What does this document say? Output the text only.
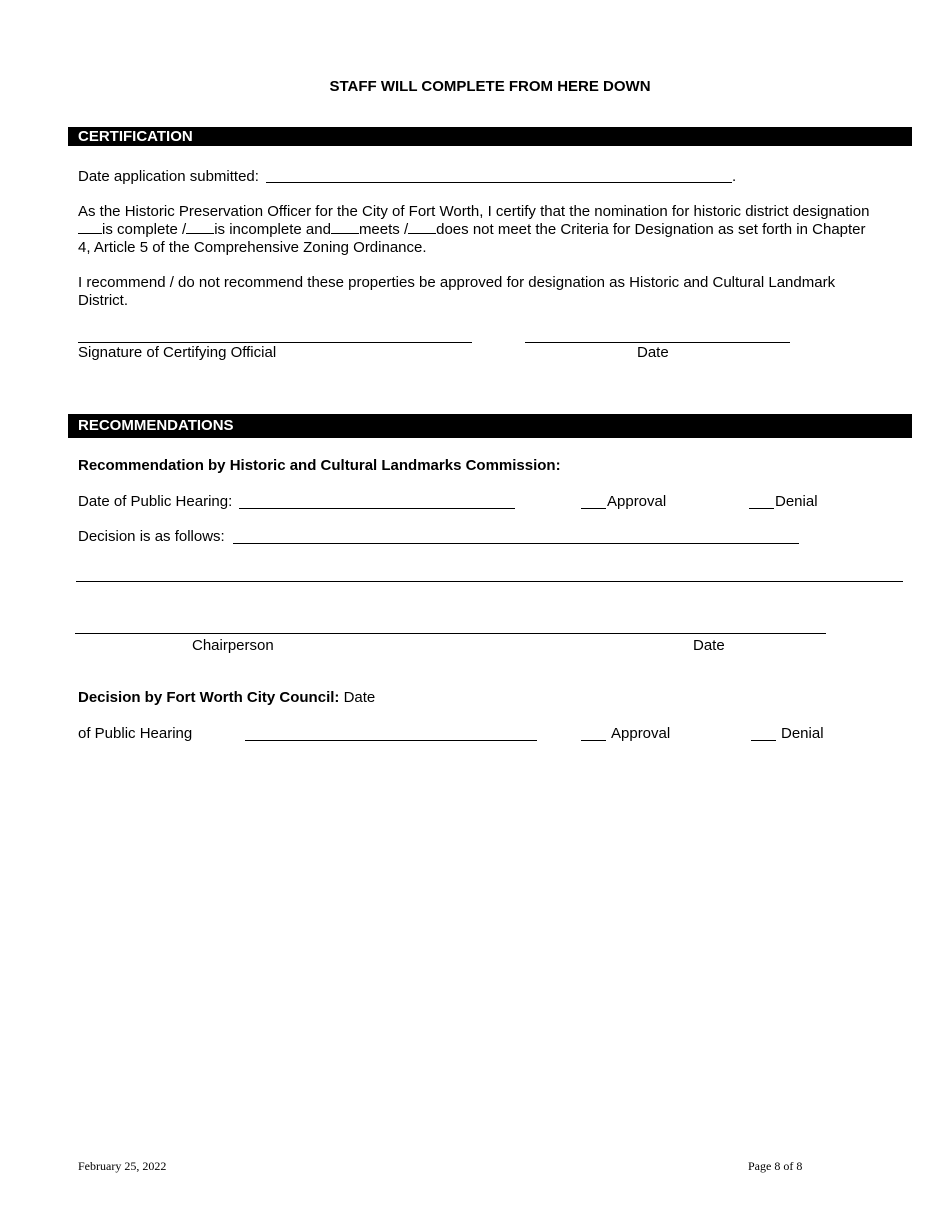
STAFF WILL COMPLETE FROM HERE DOWN
CERTIFICATION
Date application submitted:	.
As the Historic Preservation Officer for the City of Fort Worth, I certify that the nomination for historic district designation
is complete / is incomplete and meets / does not meet the Criteria for Designation as set forth in Chapter
4, Article 5 of the Comprehensive Zoning Ordinance.
I recommend / do not recommend these properties be approved for designation as Historic and Cultural Landmark District.
Signature of Certifying Official	Date
RECOMMENDATIONS
Recommendation by Historic and Cultural Landmarks Commission:
Date of Public Hearing:	Approval	Denial
Decision is as follows:
Chairperson	Date
Decision by Fort Worth City Council: Date
of Public Hearing	Approval	Denial
February 25, 2022	Page 8 of 8
